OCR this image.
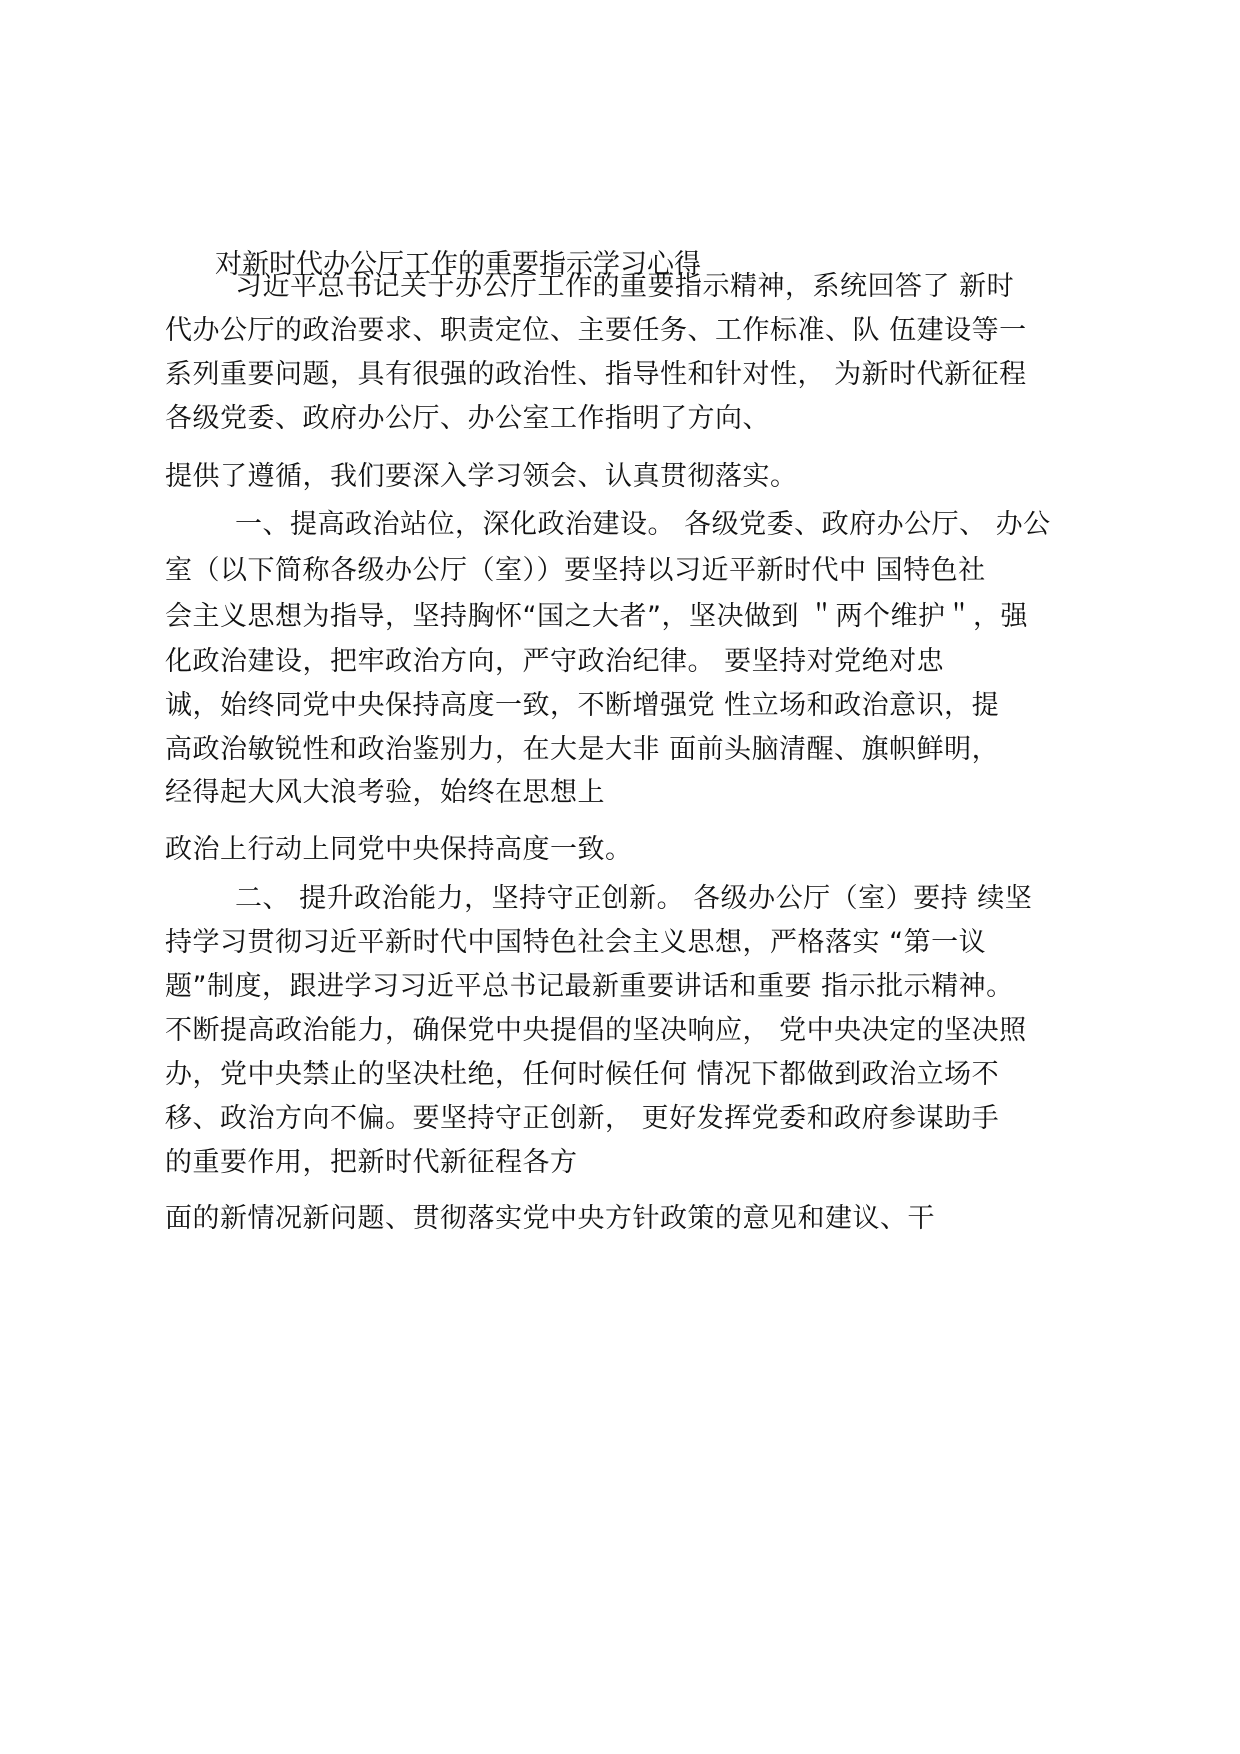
对新时代办公厅工作的重要指示学习心得
习近平总书记关于办公厅工作的重要指示精神，系统回答了 新时
代办公厅的政治要求、职责定位、主要任务、工作标准、队 伍建设等一
系列重要问题，具有很强的政治性、指导性和针对性， 为新时代新征程
各级党委、政府办公厅、办公室工作指明了方向、
提供了遵循，我们要深入学习领会、认真贯彻落实。
一、提高政治站位，深化政治建设。 各级党委、政府办公厅、 办公
室（以下简称各级办公厅（室））要坚持以习近平新时代中 国特色社
会主义思想为指导，坚持胸怀“国之大者”，坚决做到 ＂两个维护＂，强
化政治建设，把牢政治方向，严守政治纪律。 要坚持对党绝对忠
诚，始终同党中央保持高度一致，不断增强党 性立场和政治意识，提
高政治敏锐性和政治鉴别力，在大是大非 面前头脑清醒、旗帜鲜明，
经得起大风大浪考验，始终在思想上
政治上行动上同党中央保持高度一致。
二、 提升政治能力，坚持守正创新。 各级办公厅（室）要持 续坚
持学习贯彻习近平新时代中国特色社会主义思想，严格落实 “第一议
题”制度，跟进学习习近平总书记最新重要讲话和重要 指示批示精神。
不断提高政治能力，确保党中央提倡的坚决响应， 党中央决定的坚决照
办，党中央禁止的坚决杜绝，任何时候任何 情况下都做到政治立场不
移、政治方向不偏。要坚持守正创新， 更好发挥党委和政府参谋助手
的重要作用，把新时代新征程各方
面的新情况新问题、贯彻落实党中央方针政策的意见和建议、干
